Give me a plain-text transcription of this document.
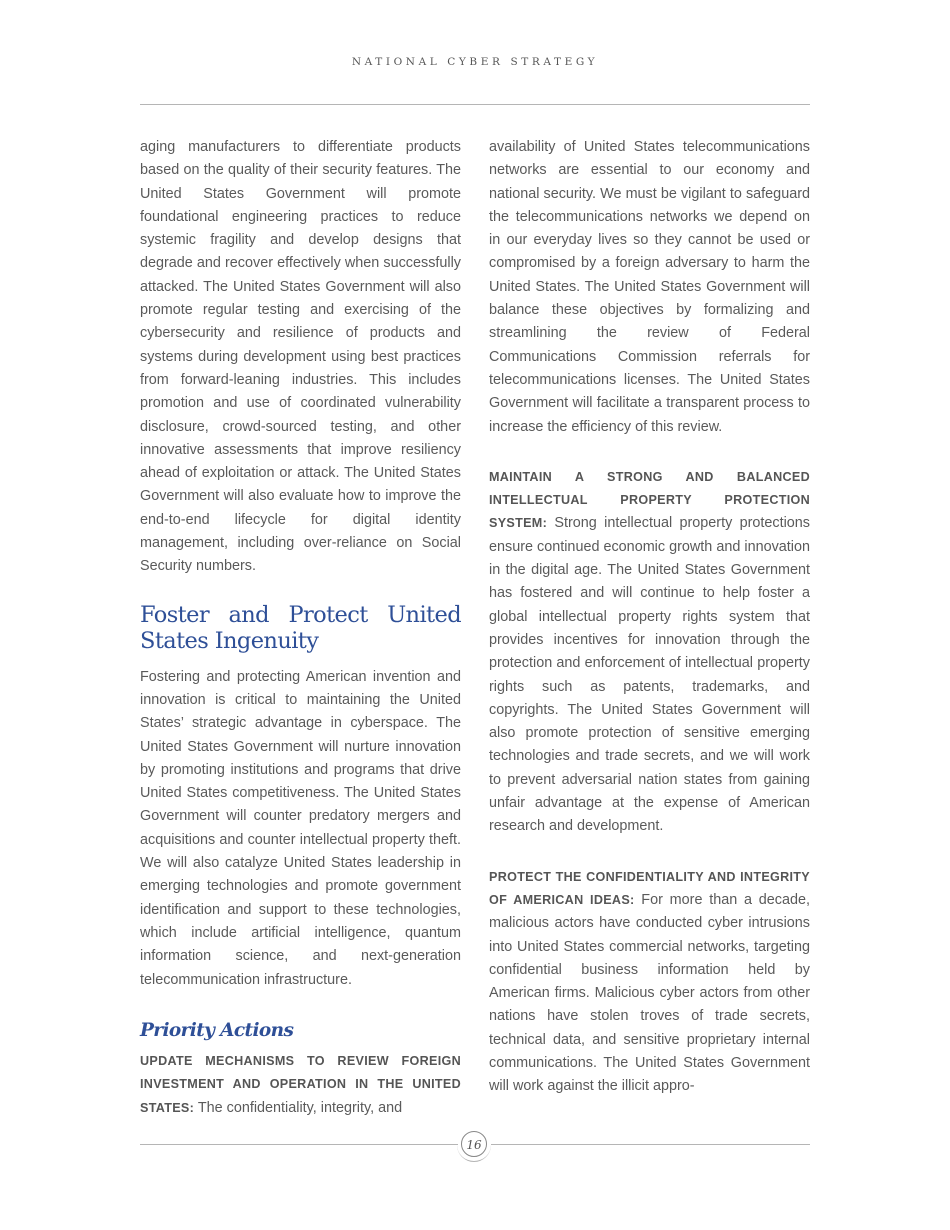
NATIONAL CYBER STRATEGY

aging manufacturers to differentiate products based on the quality of their security features. The United States Government will promote foundational engineering practices to reduce systemic fragility and develop designs that degrade and recover effectively when successfully attacked. The United States Government will also promote regular testing and exercising of the cybersecurity and resilience of products and systems during development using best practices from forward-leaning industries. This includes promotion and use of coordinated vulnerability disclosure, crowd-sourced testing, and other innovative assessments that improve resiliency ahead of exploitation or attack. The United States Government will also evaluate how to improve the end-to-end lifecycle for digital identity management, including over-reliance on Social Security numbers.

Foster and Protect United States Ingenuity

Fostering and protecting American invention and innovation is critical to maintaining the United States’ strategic advantage in cyberspace. The United States Government will nurture innovation by promoting institutions and programs that drive United States competitiveness. The United States Government will counter predatory mergers and acquisitions and counter intellectual property theft. We will also catalyze United States leadership in emerging technologies and promote government identification and support to these technologies, which include artificial intelligence, quantum information science, and next-generation telecommunication infrastructure.

Priority Actions

UPDATE MECHANISMS TO REVIEW FOREIGN INVESTMENT AND OPERATION IN THE UNITED STATES: The confidentiality, integrity, and

availability of United States telecommunications networks are essential to our economy and national security. We must be vigilant to safeguard the telecommunications networks we depend on in our everyday lives so they cannot be used or compromised by a foreign adversary to harm the United States. The United States Government will balance these objectives by formalizing and streamlining the review of Federal Communications Commission referrals for telecommunications licenses. The United States Government will facilitate a transparent process to increase the efficiency of this review.

MAINTAIN A STRONG AND BALANCED INTELLECTUAL PROPERTY PROTECTION SYSTEM: Strong intellectual property protections ensure continued economic growth and innovation in the digital age. The United States Government has fostered and will continue to help foster a global intellectual property rights system that provides incentives for innovation through the protection and enforcement of intellectual property rights such as patents, trademarks, and copyrights. The United States Government will also promote protection of sensitive emerging technologies and trade secrets, and we will work to prevent adversarial nation states from gaining unfair advantage at the expense of American research and development.

PROTECT THE CONFIDENTIALITY AND INTEGRITY OF AMERICAN IDEAS: For more than a decade, malicious actors have conducted cyber intrusions into United States commercial networks, targeting confidential business information held by American firms. Malicious cyber actors from other nations have stolen troves of trade secrets, technical data, and sensitive proprietary internal communications. The United States Government will work against the illicit appro-

16
